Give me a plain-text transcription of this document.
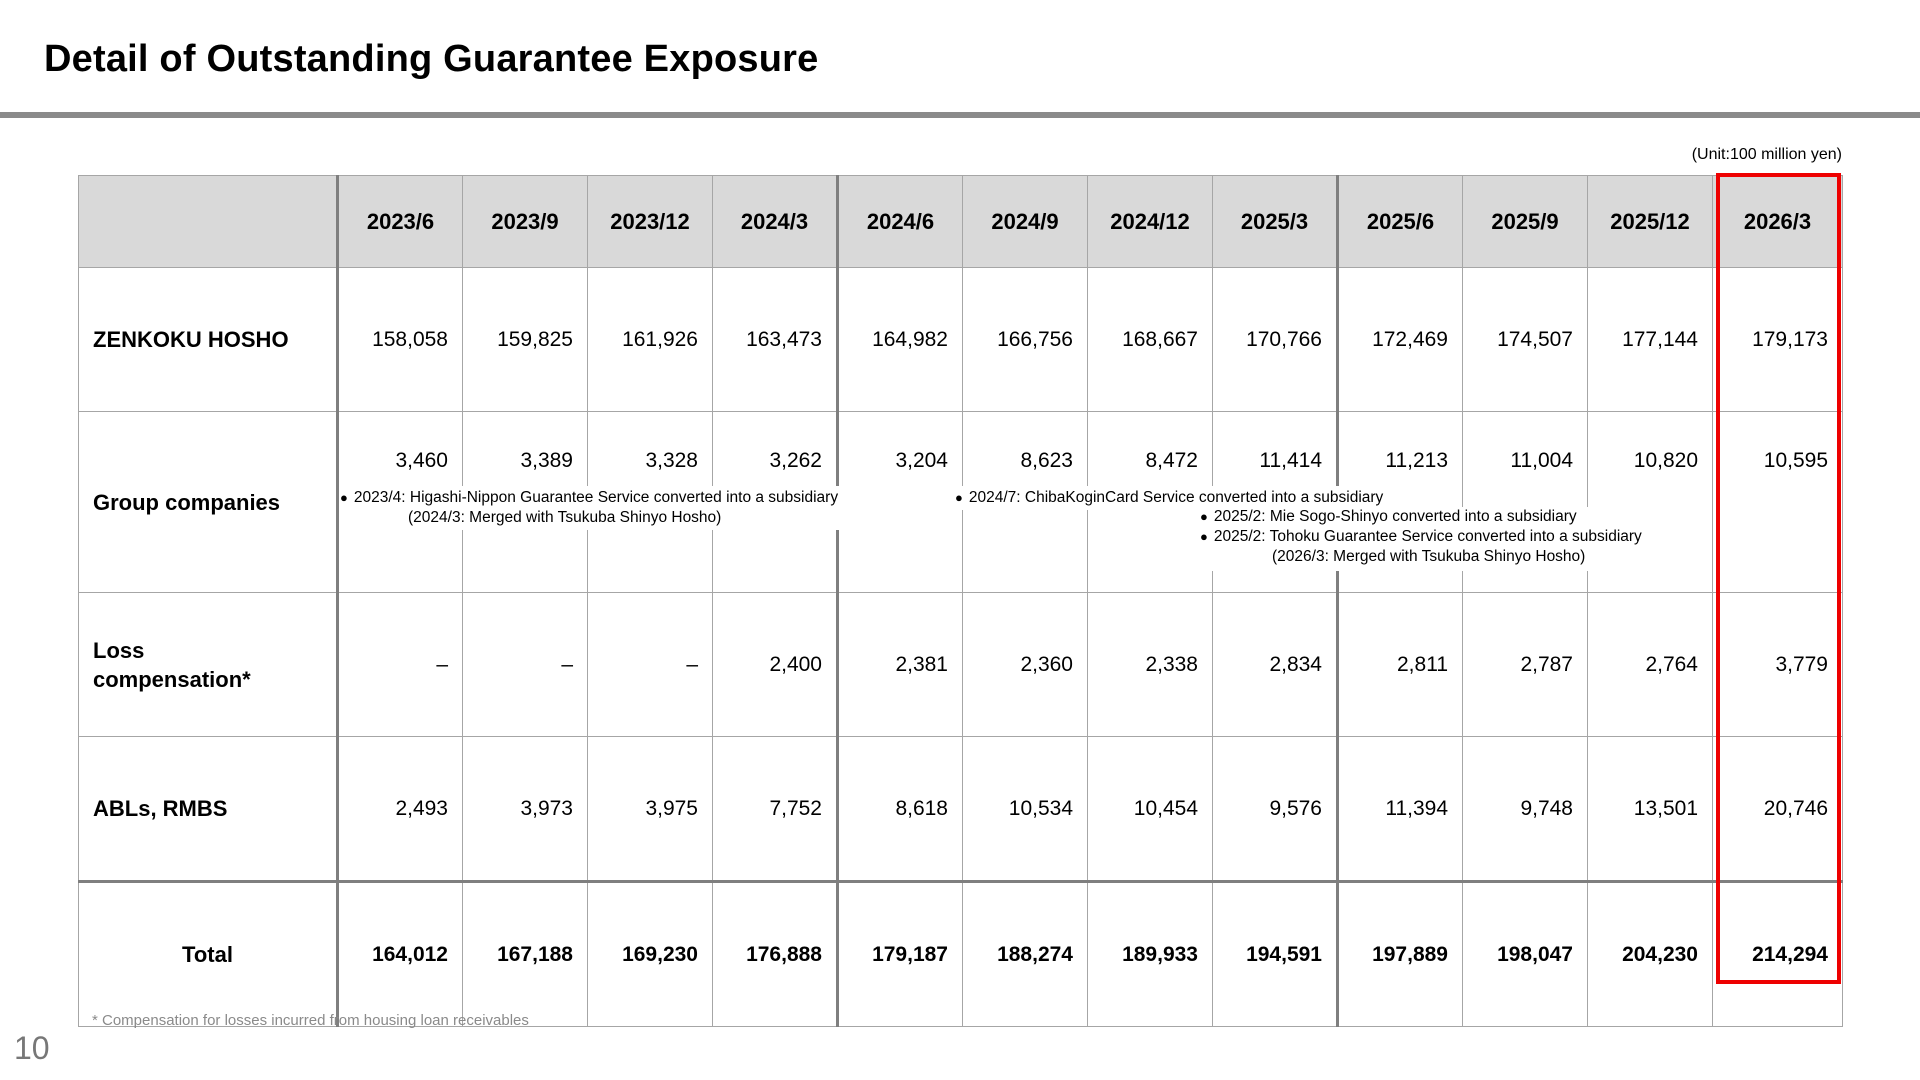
Detail of Outstanding Guarantee Exposure
(Unit:100 million yen)
	2023/6	2023/9	2023/12	2024/3	2024/6	2024/9	2024/12	2025/3	2025/6	2025/9	2025/12	2026/3
ZENKOKU HOSHO	158,058	159,825	161,926	163,473	164,982	166,756	168,667	170,766	172,469	174,507	177,144	179,173
Group companies	3,460	3,389	3,328	3,262	3,204	8,623	8,472	11,414	11,213	11,004	10,820	10,595
Loss compensation*	–	–	–	2,400	2,381	2,360	2,338	2,834	2,811	2,787	2,764	3,779
ABLs, RMBS	2,493	3,973	3,975	7,752	8,618	10,534	10,454	9,576	11,394	9,748	13,501	20,746
Total	164,012	167,188	169,230	176,888	179,187	188,274	189,933	194,591	197,889	198,047	204,230	214,294
● 2023/4: Higashi-Nippon Guarantee Service converted into a subsidiary
(2024/3: Merged with Tsukuba Shinyo Hosho)
● 2024/7: ChibaKoginCard Service converted into a subsidiary
● 2025/2: Mie Sogo-Shinyo converted into a subsidiary
● 2025/2: Tohoku Guarantee Service converted into a subsidiary
(2026/3: Merged with Tsukuba Shinyo Hosho)
* Compensation for losses incurred from housing loan receivables
10
